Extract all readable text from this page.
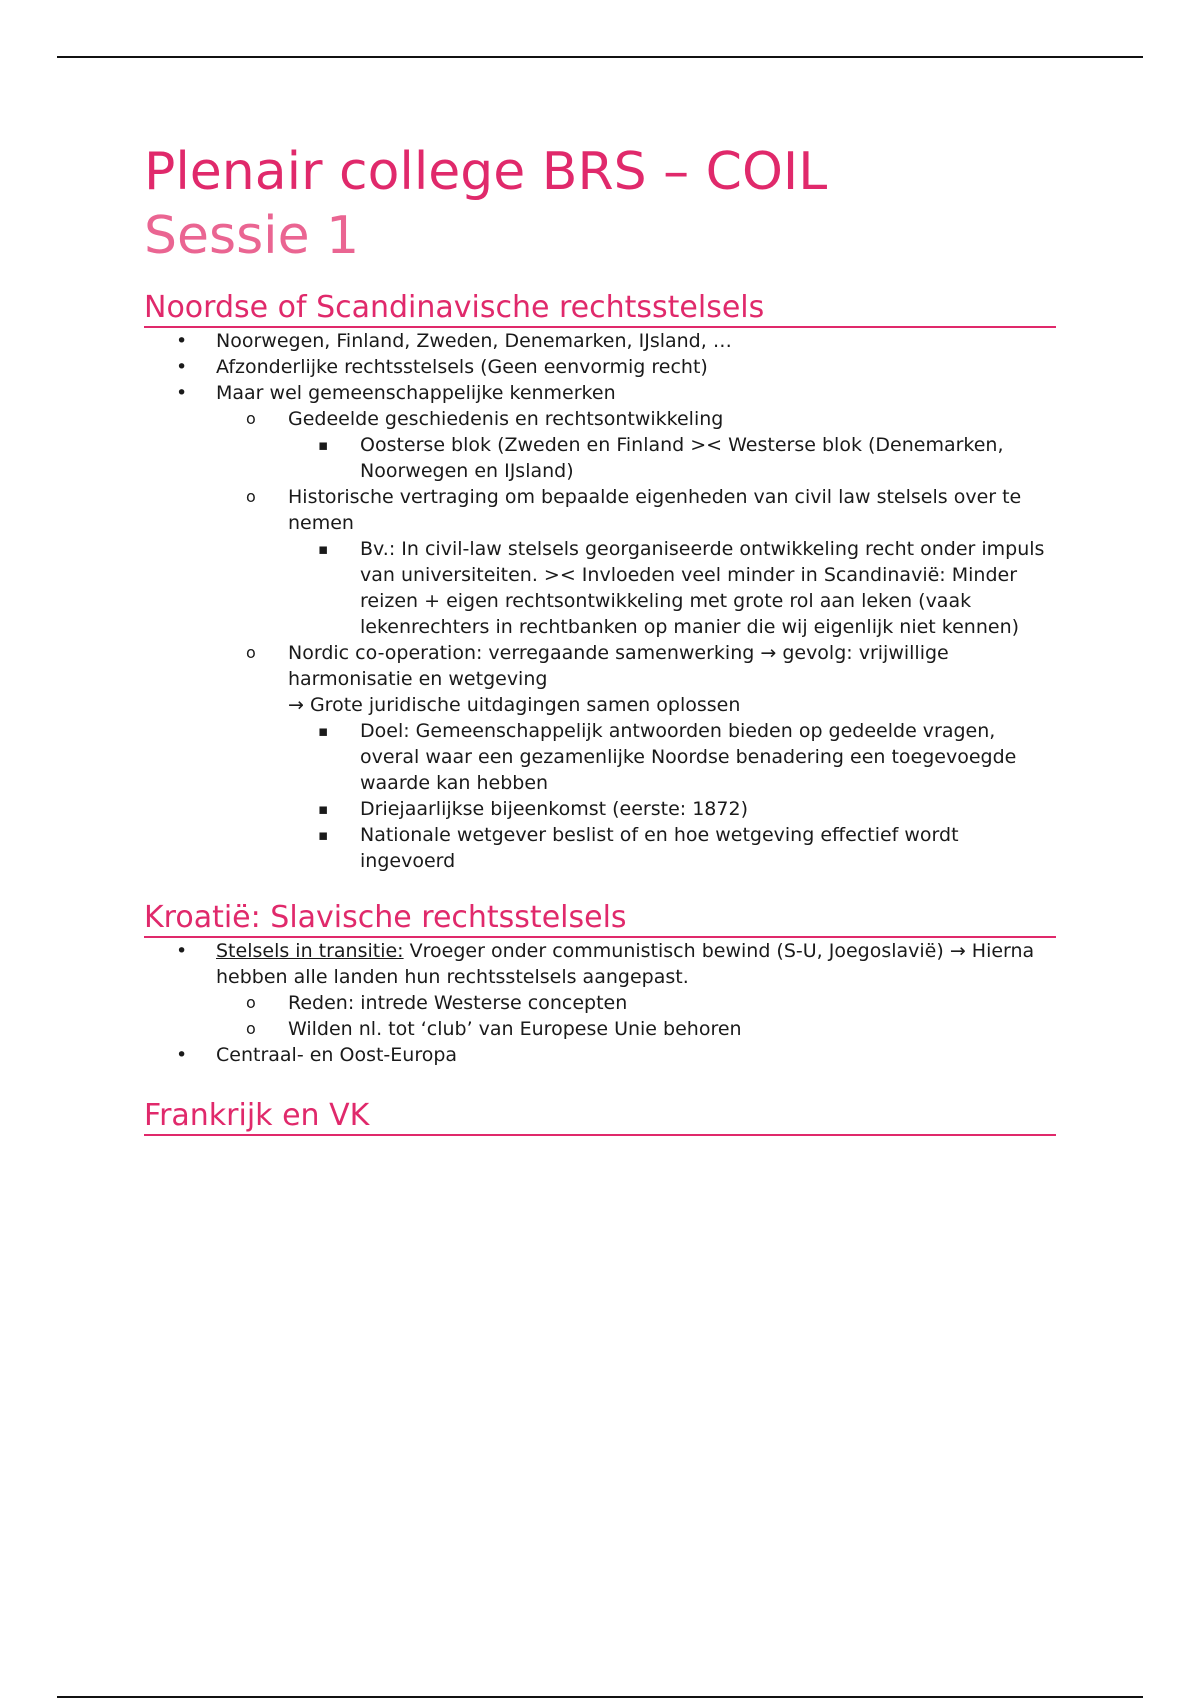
Plenair college BRS – COIL
Sessie 1
Noordse of Scandinavische rechtsstelsels
• Noorwegen, Finland, Zweden, Denemarken, IJsland, …
• Afzonderlijke rechtsstelsels (Geen eenvormig recht)
• Maar wel gemeenschappelijke kenmerken
o Gedeelde geschiedenis en rechtsontwikkeling
▪ Oosterse blok (Zweden en Finland >< Westerse blok (Denemarken, Noorwegen en IJsland)
o Historische vertraging om bepaalde eigenheden van civil law stelsels over te nemen
▪ Bv.: In civil-law stelsels georganiseerde ontwikkeling recht onder impuls van universiteiten. >< Invloeden veel minder in Scandinavië: Minder reizen + eigen rechtsontwikkeling met grote rol aan leken (vaak lekenrechters in rechtbanken op manier die wij eigenlijk niet kennen)
o Nordic co-operation: verregaande samenwerking → gevolg: vrijwillige harmonisatie en wetgeving
→ Grote juridische uitdagingen samen oplossen
▪ Doel: Gemeenschappelijk antwoorden bieden op gedeelde vragen, overal waar een gezamenlijke Noordse benadering een toegevoegde waarde kan hebben
▪ Driejaarlijkse bijeenkomst (eerste: 1872)
▪ Nationale wetgever beslist of en hoe wetgeving effectief wordt ingevoerd
Kroatië: Slavische rechtsstelsels
• Stelsels in transitie: Vroeger onder communistisch bewind (S-U, Joegoslavië) → Hierna hebben alle landen hun rechtsstelsels aangepast.
o Reden: intrede Westerse concepten
o Wilden nl. tot ‘club’ van Europese Unie behoren
• Centraal- en Oost-Europa
Frankrijk en VK
